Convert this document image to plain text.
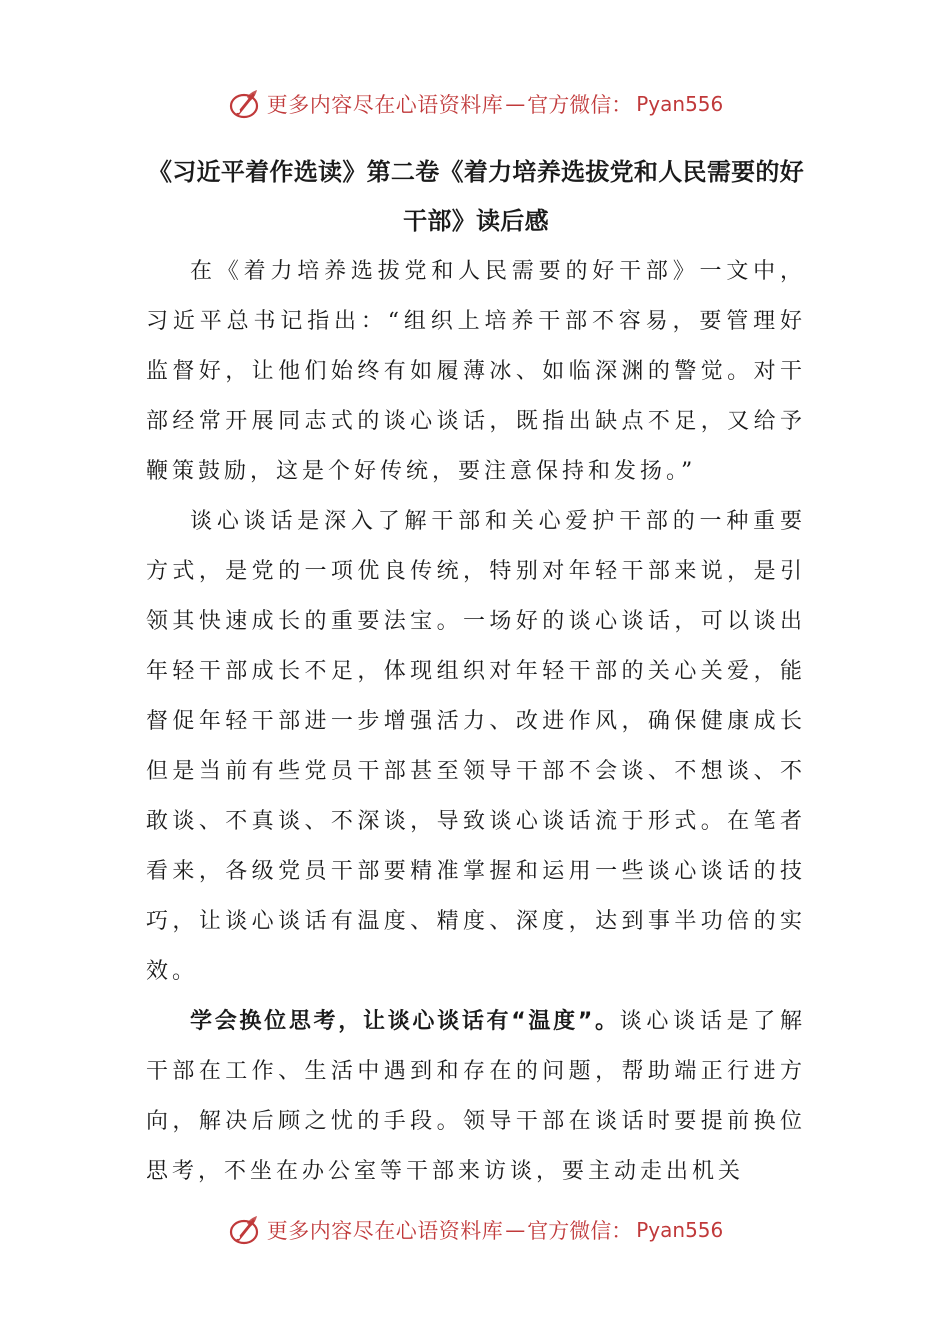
更多内容尽在心语资料库 — 官方微信： Pyan556
《习近平着作选读》第二卷《着力培养选拔党和人民需要的好干部》读后感

在《着力培养选拔党和人民需要的好干部》一文中，习近平总书记指出：“组织上培养干部不容易，要管理好监督好，让他们始终有如履薄冰、如临深渊的警觉。对干部经常开展同志式的谈心谈话，既指出缺点不足，又给予鞭策鼓励，这是个好传统，要注意保持和发扬。”

谈心谈话是深入了解干部和关心爱护干部的一种重要方式，是党的一项优良传统，特别对年轻干部来说，是引领其快速成长的重要法宝。一场好的谈心谈话，可以谈出年轻干部成长不足，体现组织对年轻干部的关心关爱，能督促年轻干部进一步增强活力、改进作风，确保健康成长但是当前有些党员干部甚至领导干部不会谈、不想谈、不敢谈、不真谈、不深谈，导致谈心谈话流于形式。在笔者看来，各级党员干部要精准掌握和运用一些谈心谈话的技巧，让谈心谈话有温度、精度、深度，达到事半功倍的实效。

学会换位思考，让谈心谈话有“温度”。谈心谈话是了解干部在工作、生活中遇到和存在的问题，帮助端正行进方向，解决后顾之忧的手段。领导干部在谈话时要提前换位思考，不坐在办公室等干部来访谈，要主动走出机关

更多内容尽在心语资料库 — 官方微信： Pyan556
